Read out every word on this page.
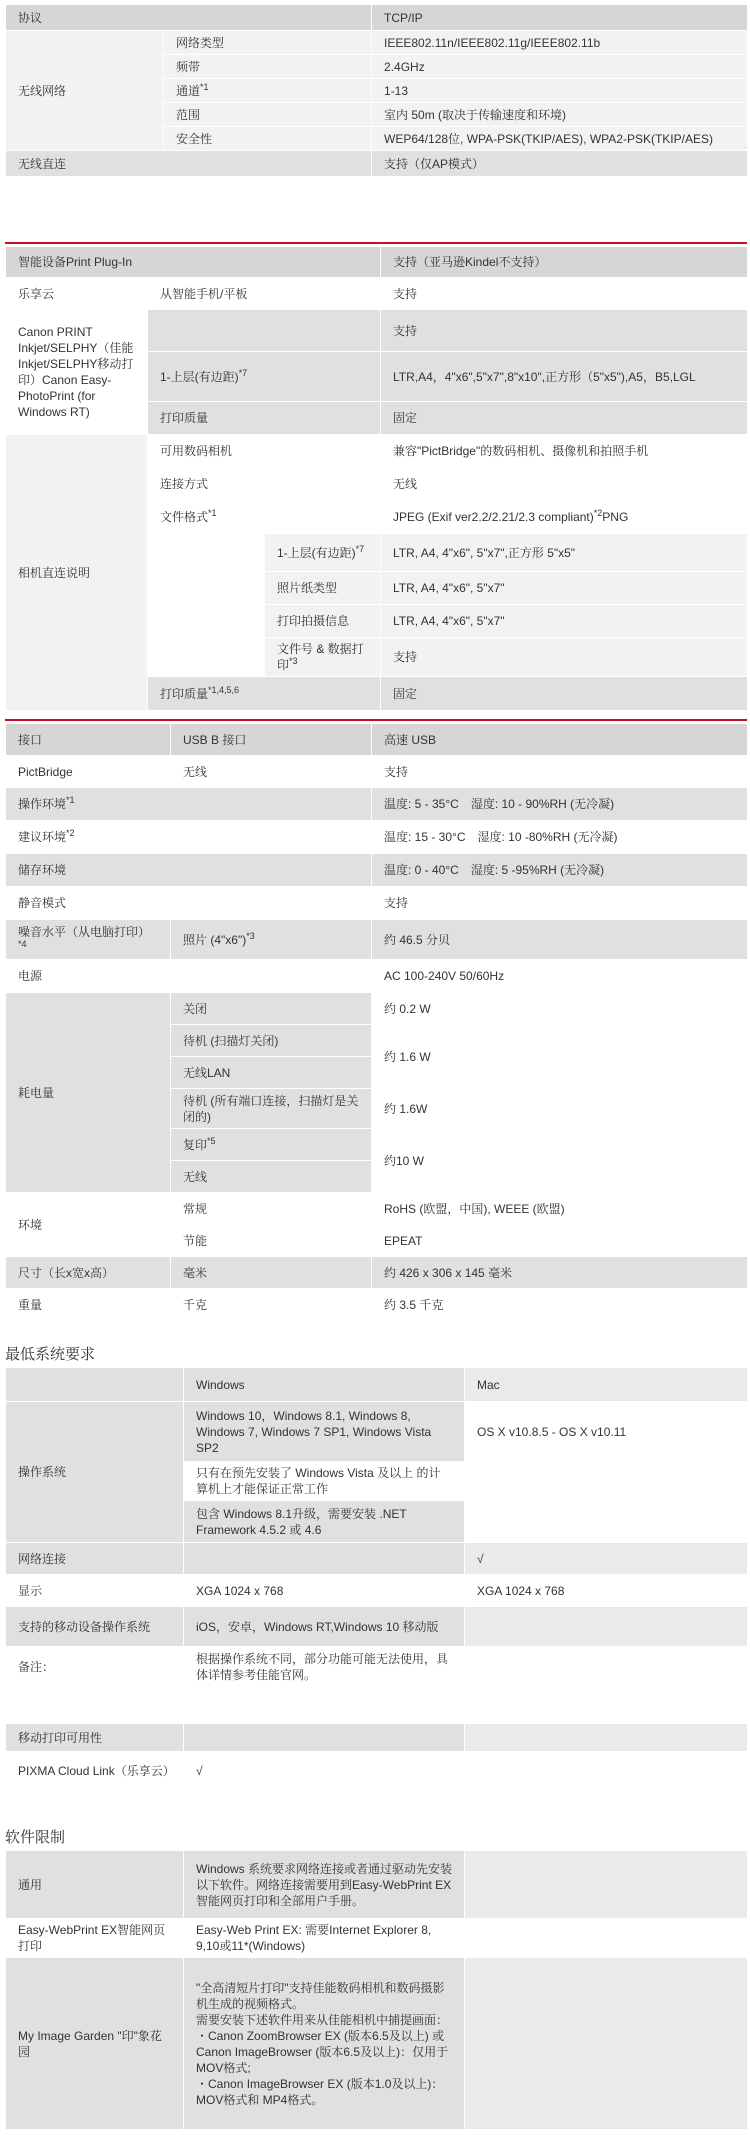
协议		TCP/IP
无线网络	网络类型	IEEE802.11n/IEEE802.11g/IEEE802.11b
	频带	2.4GHz
	通道$^{*1}$	1-13
	范围	室内 50m (取决于传输速度和环境)
	安全性	WEP64/128位, WPA-PSK(TKIP/AES), WPA2-PSK(TKIP/AES)
无线直连		支持（仅AP模式）
智能设备Print Plug-In			支持（亚马逊Kindel不支持）
乐享云	从智能手机/平板		支持
Canon PRINT Inkjet/SELPHY（佳能Inkjet/SELPHY移动打印）Canon Easy-PhotoPrint (for Windows RT)			支持
	1-上层(有边距)$^{*7}$		LTR,A4，4"x6",5"x7",8"x10",正方形（5"x5"),A5，B5,LGL
	打印质量		固定
相机直连说明	可用数码相机		兼容"PictBridge"的数码相机、摄像机和拍照手机
	连接方式		无线
	文件格式$^{*1}$		JPEG (Exif ver2.2/2.21/2.3 compliant)$^{*2}$PNG
		1-上层(有边距)$^{*7}$	LTR, A4, 4"x6", 5"x7",正方形 5"x5"
		照片纸类型	LTR, A4, 4"x6", 5"x7"
		打印拍摄信息	LTR, A4, 4"x6", 5"x7"
		文件号 & 数据打印$^{*3}$	支持
	打印质量$^{*1,4,5,6}$		固定
接口	USB B 接口	高速 USB
PictBridge	无线	支持
操作环境$^{*1}$		温度: 5 - 35°C　湿度: 10 - 90%RH (无冷凝)
建议环境$^{*2}$		温度: 15 - 30°C　湿度: 10 -80%RH (无冷凝)
储存环境		温度: 0 - 40°C　湿度: 5 -95%RH (无冷凝)
静音模式		支持
噪音水平（从电脑打印）$^{*4}$	照片 (4"x6")$^{*3}$	约 46.5 分贝
电源		AC 100-240V 50/60Hz
耗电量	关闭	约 0.2 W
	待机 (扫描灯关闭)	约 1.6 W
	无线LAN	
	待机 (所有端口连接，扫描灯是关闭的)	约 1.6W
	复印$^{*5}$	约10 W
	无线	
环境	常规	RoHS (欧盟，中国), WEEE (欧盟)
	节能	EPEAT
尺寸（长x宽x高）	毫米	约 426 x 306 x 145 毫米
重量	千克	约 3.5 千克
最低系统要求
	Windows	Mac
操作系统	Windows 10，Windows 8.1, Windows 8, Windows 7, Windows 7 SP1, Windows Vista SP2	OS X v10.8.5 - OS X v10.11
	只有在预先安装了 Windows Vista 及以上 的计算机上才能保证正常工作	
	包含 Windows 8.1升级，需要安装 .NET Framework 4.5.2 或 4.6	
网络连接		√
显示	XGA 1024 x 768	XGA 1024 x 768
支持的移动设备操作系统	iOS，安卓，Windows RT,Windows 10 移动版	
备注：	根据操作系统不同，部分功能可能无法使用，具体详情参考佳能官网。	
移动打印可用性		
PIXMA Cloud Link（乐享云）	√	
软件限制
通用	Windows 系统要求网络连接或者通过驱动先安装以下软件。网络连接需要用到Easy-WebPrint EX智能网页打印和全部用户手册。	
Easy-WebPrint EX智能网页打印	Easy-Web Print EX: 需要Internet Explorer 8, 9,10或11*(Windows)	
My Image Garden "印"象花园	"全高清短片打印"支持佳能数码相机和数码摄影机生成的视频格式。
需要安装下述软件用来从佳能相机中捕提画面：
・Canon ZoomBrowser EX (版本6.5及以上) 或 Canon ImageBrowser (版本6.5及以上)：仅用于MOV格式;
・Canon ImageBrowser EX (版本1.0及以上)：MOV格式和 MP4格式。	
